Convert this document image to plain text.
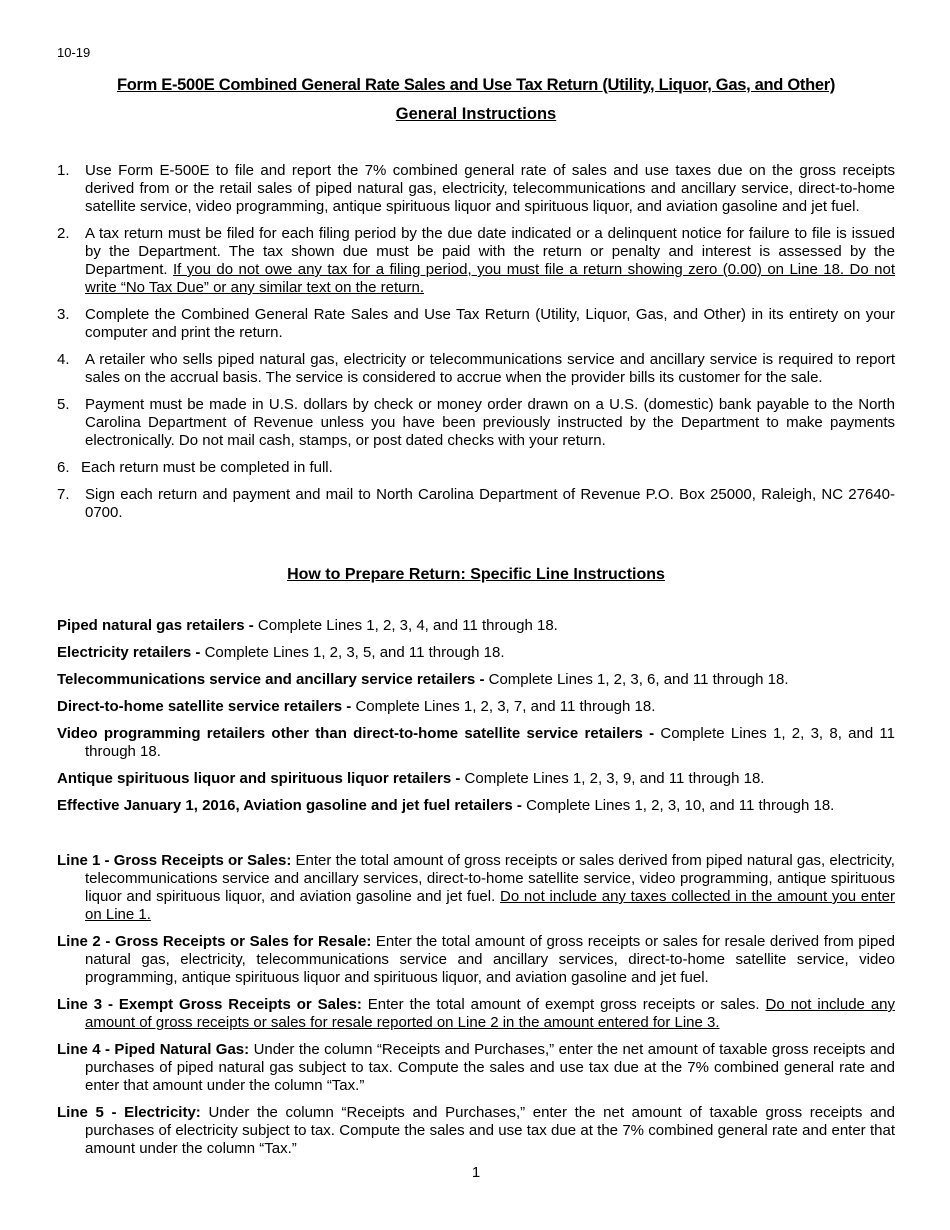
10-19
Form E-500E Combined General Rate Sales and Use Tax Return (Utility, Liquor, Gas, and Other)
General Instructions
1.	Use Form E-500E to file and report the 7% combined general rate of sales and use taxes due on the gross receipts derived from or the retail sales of piped natural gas, electricity, telecommunications and ancillary service, direct-to-home satellite service, video programming, antique spirituous liquor and spirituous liquor, and aviation gasoline and jet fuel.
2.	A tax return must be filed for each filing period by the due date indicated or a delinquent notice for failure to file is issued by the Department. The tax shown due must be paid with the return or penalty and interest is assessed by the Department. If you do not owe any tax for a filing period, you must file a return showing zero (0.00) on Line 18. Do not write “No Tax Due” or any similar text on the return.
3.	Complete the Combined General Rate Sales and Use Tax Return (Utility, Liquor, Gas, and Other) in its entirety on your computer and print the return.
4.	A retailer who sells piped natural gas, electricity or telecommunications service and ancillary service is required to report sales on the accrual basis. The service is considered to accrue when the provider bills its customer for the sale.
5.	Payment must be made in U.S. dollars by check or money order drawn on a U.S. (domestic) bank payable to the North Carolina Department of Revenue unless you have been previously instructed by the Department to make payments electronically. Do not mail cash, stamps, or post dated checks with your return.
6. Each return must be completed in full.
7.	Sign each return and payment and mail to North Carolina Department of Revenue P.O. Box 25000, Raleigh, NC 27640-0700.
How to Prepare Return: Specific Line Instructions
Piped natural gas retailers - Complete Lines 1, 2, 3, 4, and 11 through 18.
Electricity retailers - Complete Lines 1, 2, 3, 5, and 11 through 18.
Telecommunications service and ancillary service retailers - Complete Lines 1, 2, 3, 6, and 11 through 18.
Direct-to-home satellite service retailers - Complete Lines 1, 2, 3, 7, and 11 through 18.
Video programming retailers other than direct-to-home satellite service retailers - Complete Lines 1, 2, 3, 8, and 11 through 18.
Antique spirituous liquor and spirituous liquor retailers - Complete Lines 1, 2, 3, 9, and 11 through 18.
Effective January 1, 2016, Aviation gasoline and jet fuel retailers - Complete Lines 1, 2, 3, 10, and 11 through 18.
Line 1 - Gross Receipts or Sales: Enter the total amount of gross receipts or sales derived from piped natural gas, electricity, telecommunications service and ancillary services, direct-to-home satellite service, video programming, antique spirituous liquor and spirituous liquor, and aviation gasoline and jet fuel. Do not include any taxes collected in the amount you enter on Line 1.
Line 2 - Gross Receipts or Sales for Resale: Enter the total amount of gross receipts or sales for resale derived from piped natural gas, electricity, telecommunications service and ancillary services, direct-to-home satellite service, video programming, antique spirituous liquor and spirituous liquor, and aviation gasoline and jet fuel.
Line 3 - Exempt Gross Receipts or Sales: Enter the total amount of exempt gross receipts or sales. Do not include any amount of gross receipts or sales for resale reported on Line 2 in the amount entered for Line 3.
Line 4 - Piped Natural Gas: Under the column “Receipts and Purchases,” enter the net amount of taxable gross receipts and purchases of piped natural gas subject to tax. Compute the sales and use tax due at the 7% combined general rate and enter that amount under the column “Tax.”
Line 5 - Electricity: Under the column “Receipts and Purchases,” enter the net amount of taxable gross receipts and purchases of electricity subject to tax. Compute the sales and use tax due at the 7% combined general rate and enter that amount under the column “Tax.”
1
